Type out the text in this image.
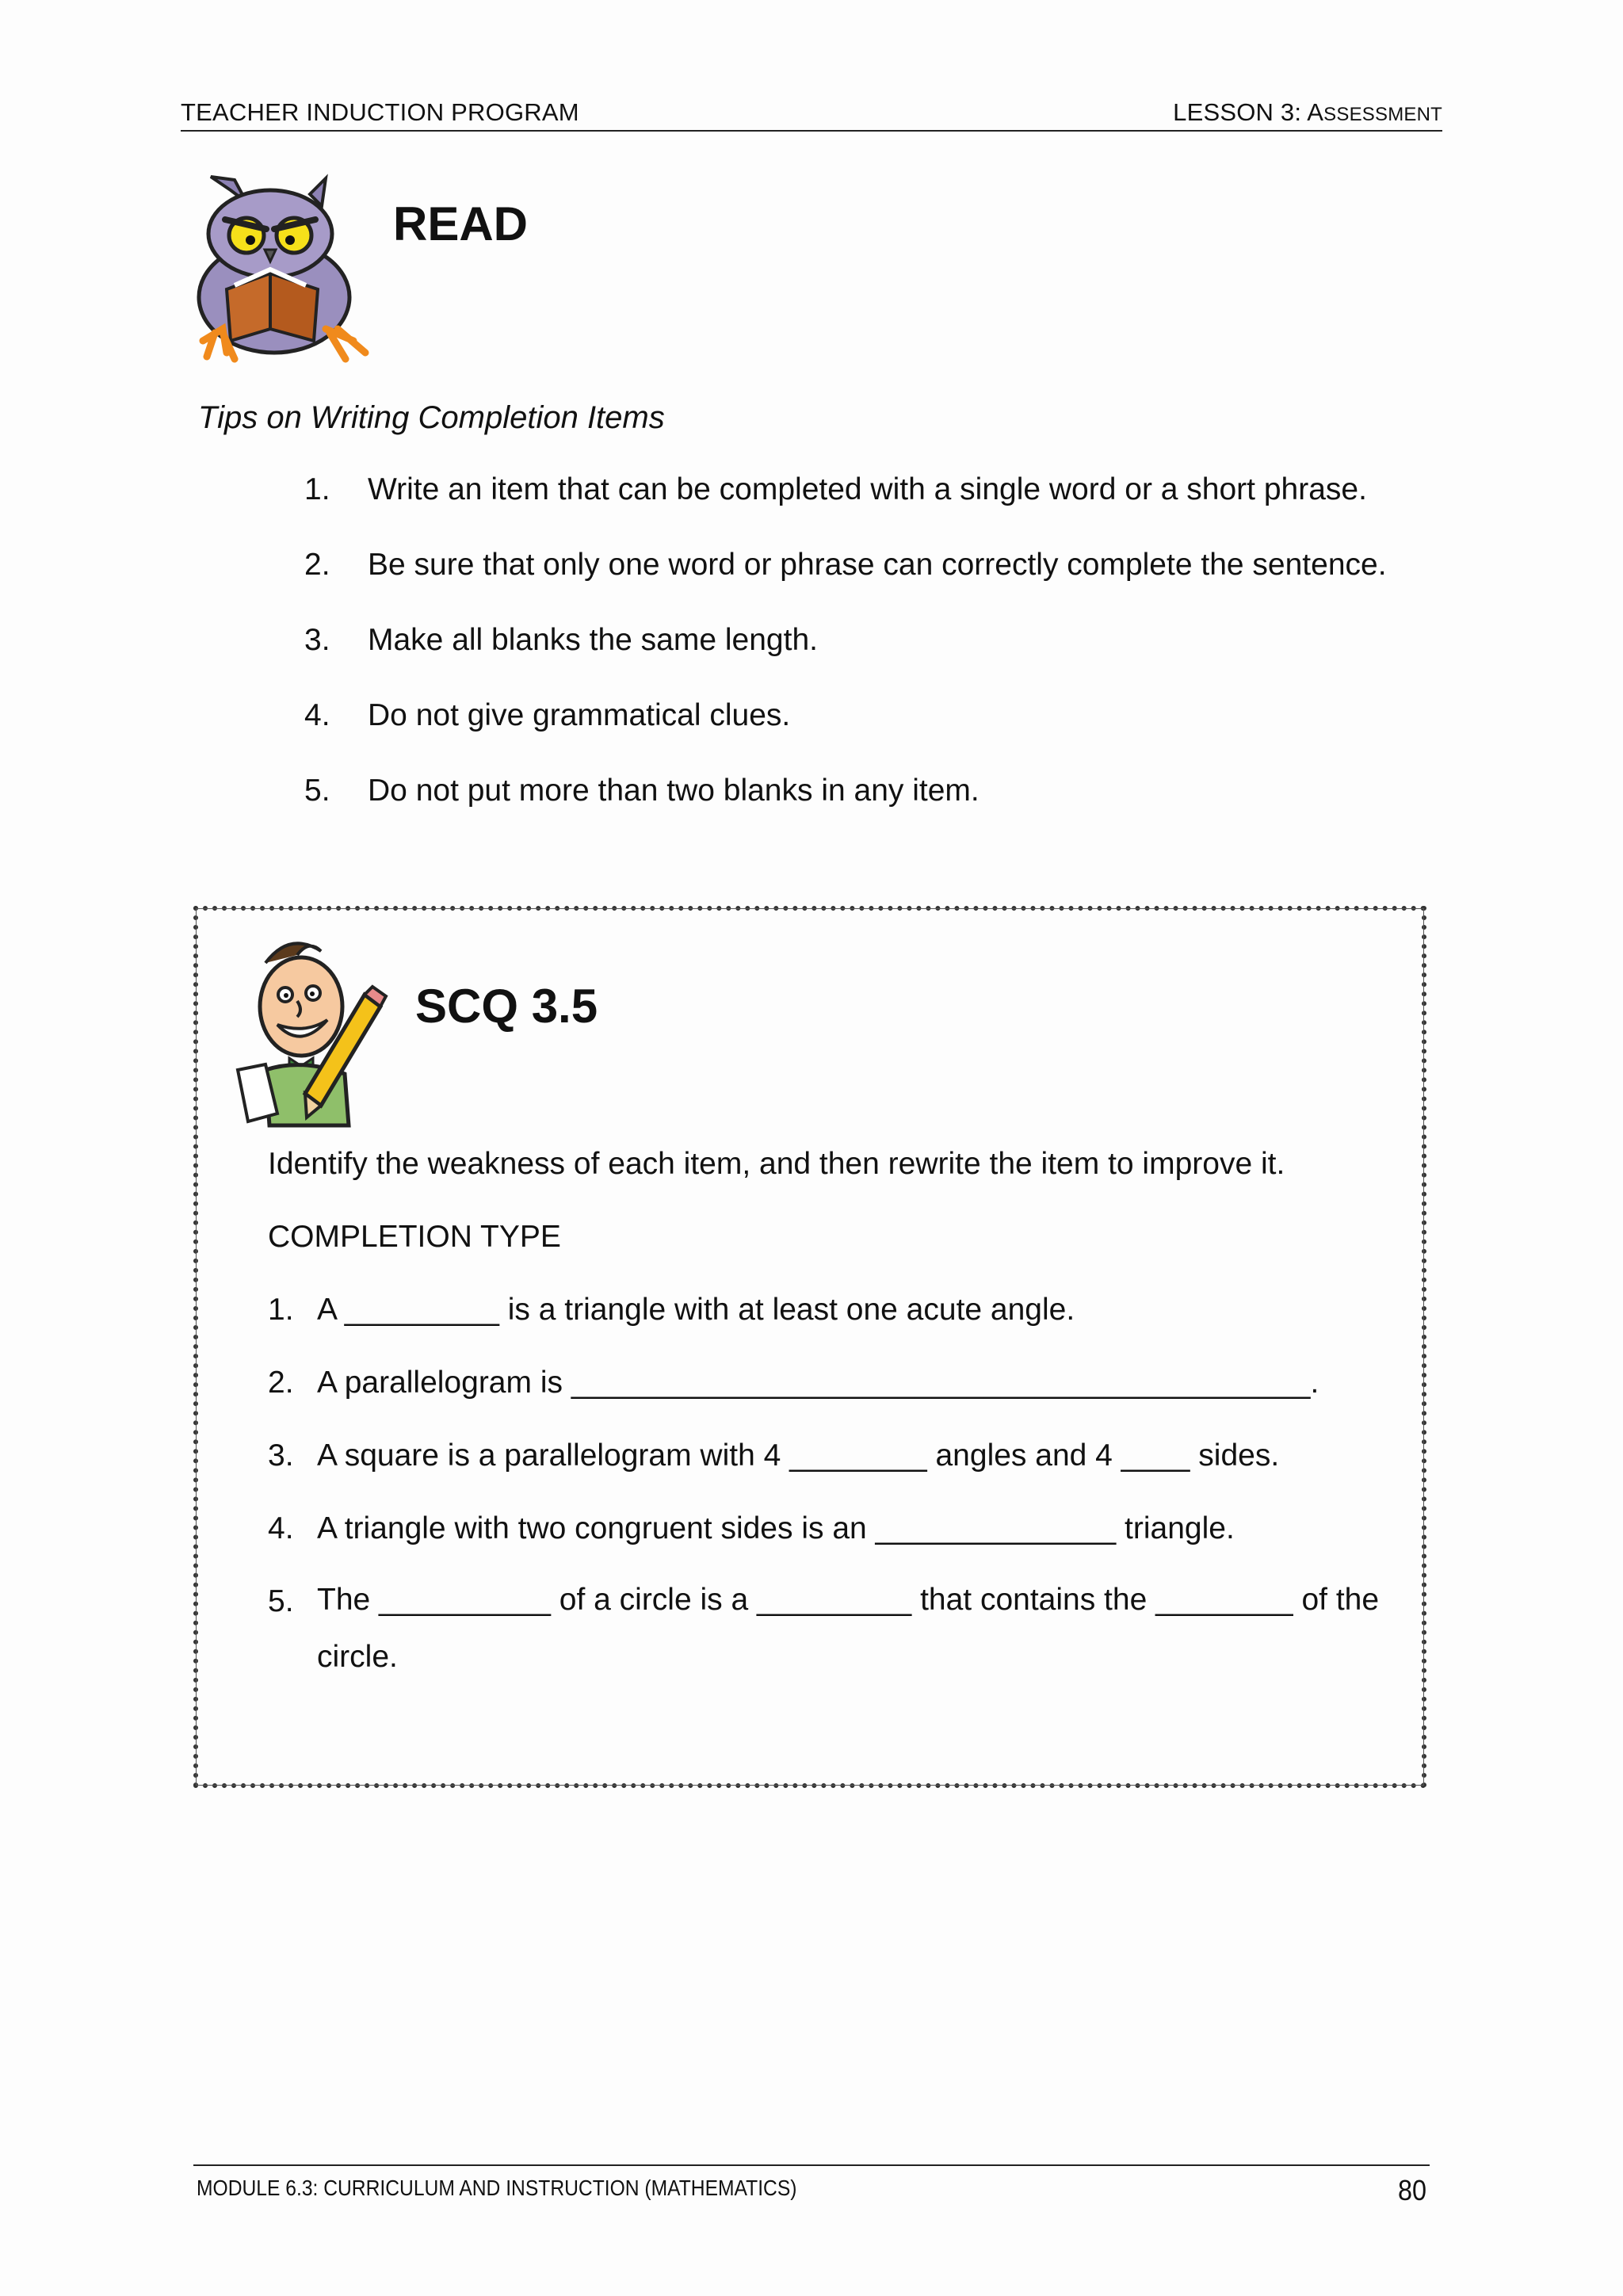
TEACHER INDUCTION PROGRAM	LESSON 3: ASSESSMENT
READ
Tips on Writing Completion Items
1. Write an item that can be completed with a single word or a short phrase.
2. Be sure that only one word or phrase can correctly complete the sentence.
3. Make all blanks the same length.
4. Do not give grammatical clues.
5. Do not put more than two blanks in any item.
SCQ 3.5
Identify the weakness of each item, and then rewrite the item to improve it.
COMPLETION TYPE
1. A _________ is a triangle with at least one acute angle.
2. A parallelogram is ___________________________________________.
3. A square is a parallelogram with 4 ________ angles and 4 ____ sides.
4. A triangle with two congruent sides is an ______________ triangle.
5. The __________ of a circle is a _________ that contains the ________ of the circle.
MODULE 6.3: CURRICULUM AND INSTRUCTION (MATHEMATICS)	80
